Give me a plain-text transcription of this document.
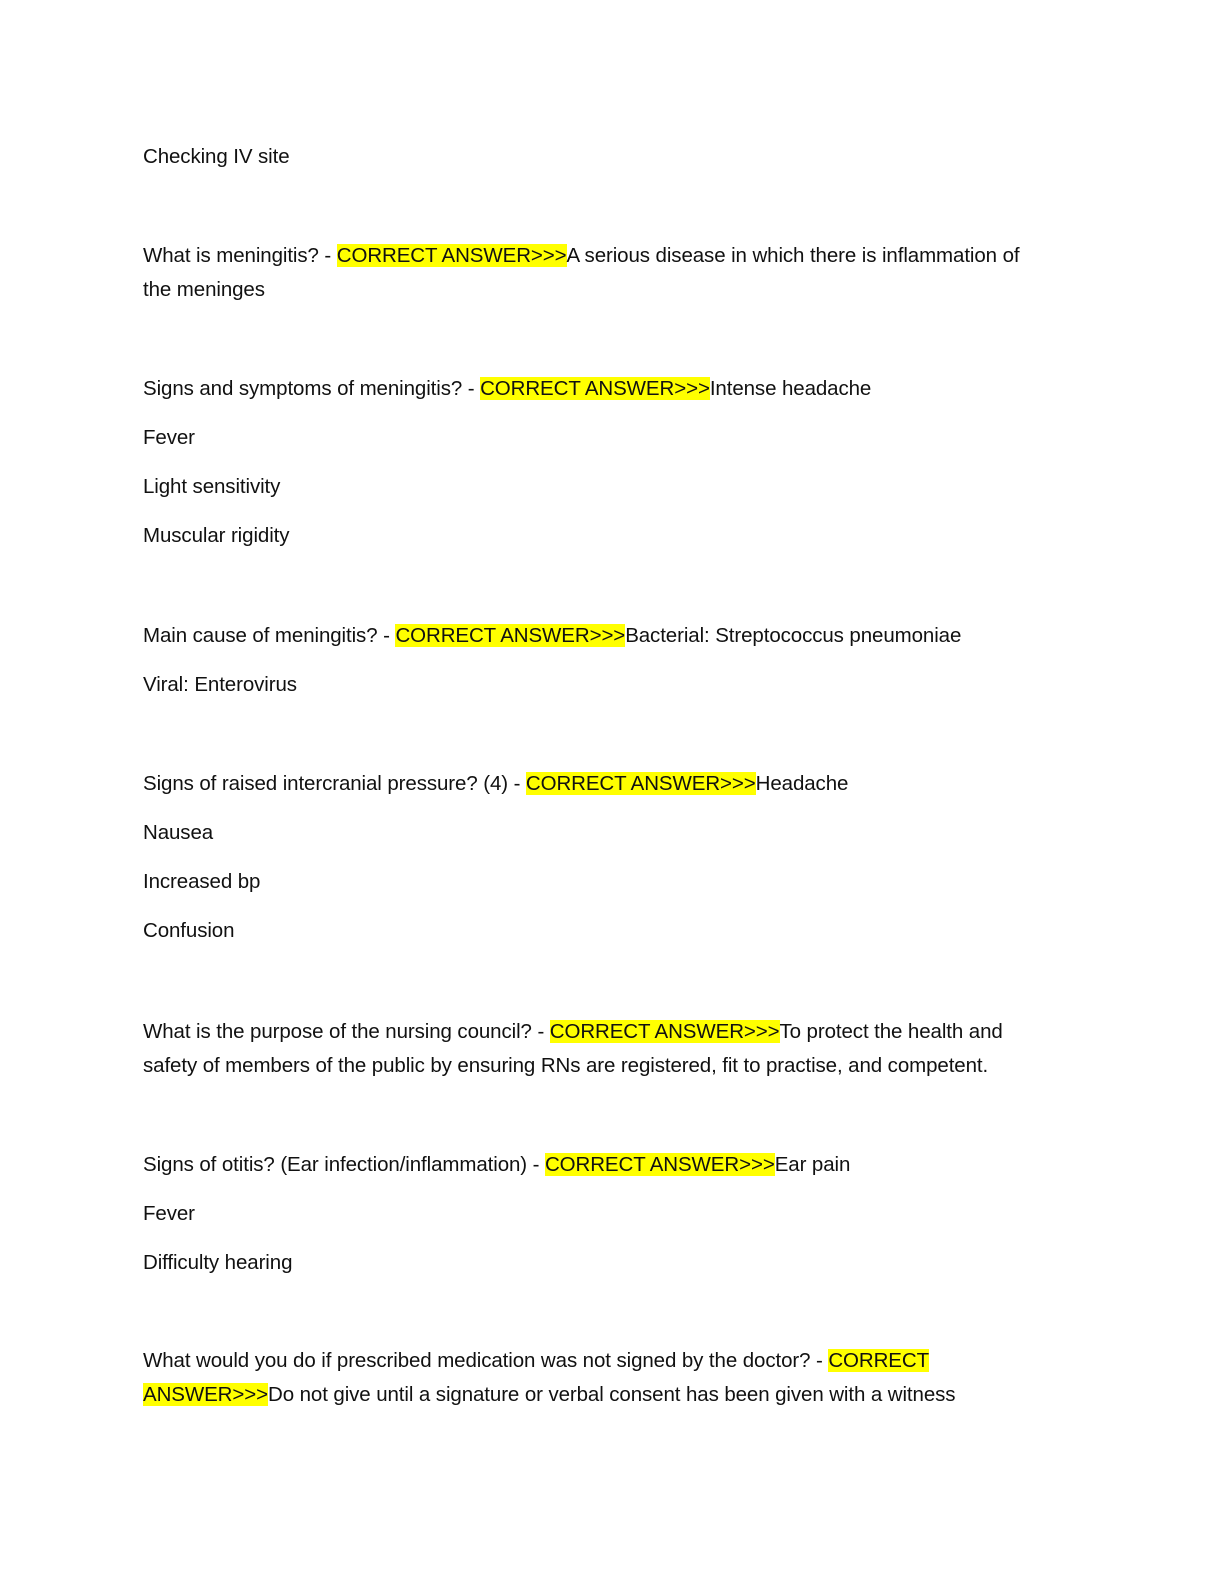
Checking IV site
What is meningitis? - CORRECT ANSWER>>>A serious disease in which there is inflammation of
the meninges
Signs and symptoms of meningitis? - CORRECT ANSWER>>>Intense headache
Fever
Light sensitivity
Muscular rigidity
Main cause of meningitis? - CORRECT ANSWER>>>Bacterial: Streptococcus pneumoniae
Viral: Enterovirus
Signs of raised intercranial pressure? (4) - CORRECT ANSWER>>>Headache
Nausea
Increased bp
Confusion
What is the purpose of the nursing council? - CORRECT ANSWER>>>To protect the health and
safety of members of the public by ensuring RNs are registered, fit to practise, and competent.
Signs of otitis? (Ear infection/inflammation) - CORRECT ANSWER>>>Ear pain
Fever
Difficulty hearing
What would you do if prescribed medication was not signed by the doctor? - CORRECT
ANSWER>>>Do not give until a signature or verbal consent has been given with a witness
